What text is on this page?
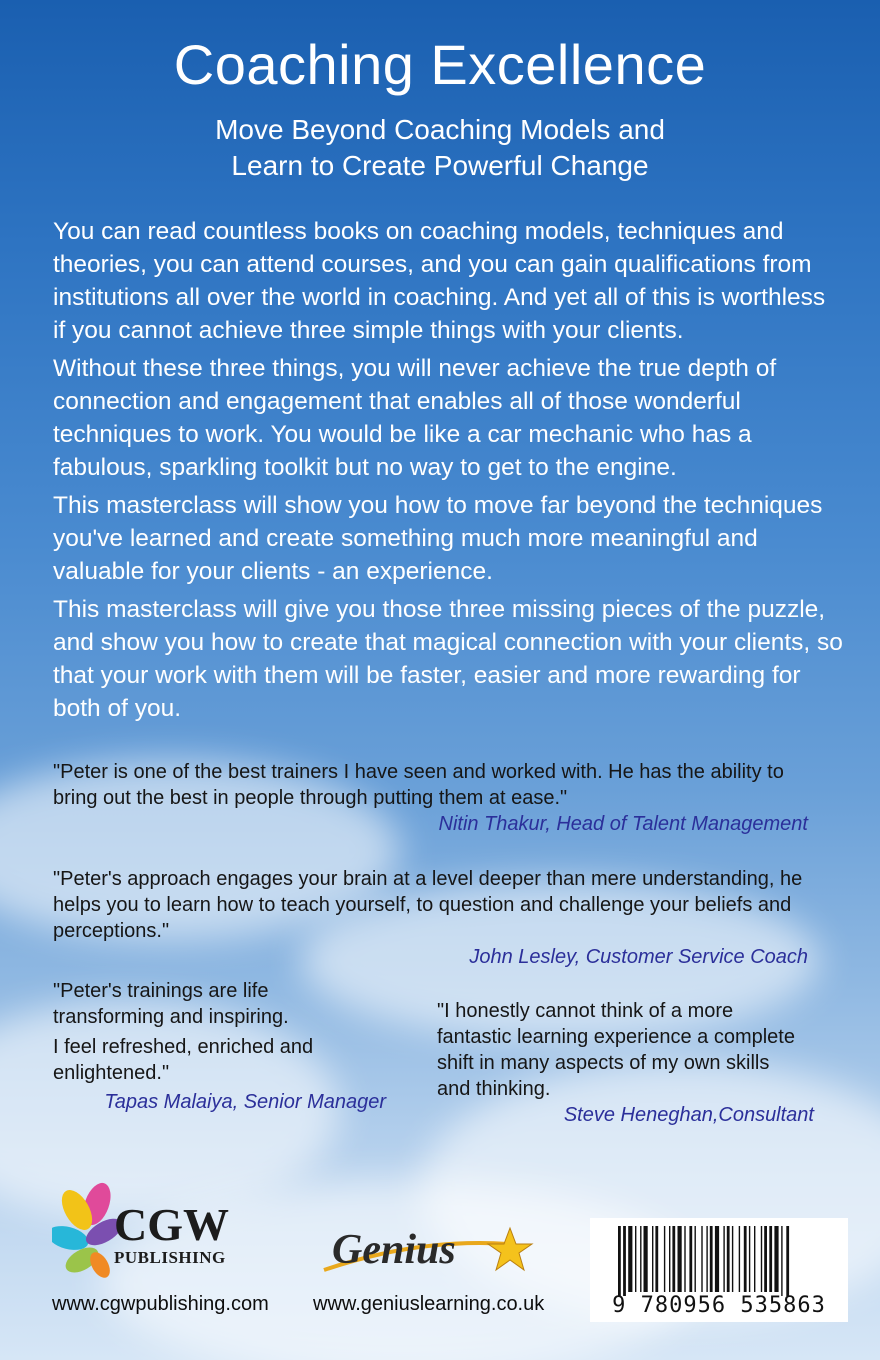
Coaching Excellence

Move Beyond Coaching Models and

Learn to Create Powerful Change

You can read countless books on coaching models, techniques and theories, you can attend courses, and you can gain qualifications from institutions all over the world in coaching. And yet all of this is worthless if you cannot achieve three simple things with your clients.

Without these three things, you will never achieve the true depth of connection and engagement that enables all of those wonderful techniques to work. You would be like a car mechanic who has a fabulous, sparkling toolkit but no way to get to the engine.

This masterclass will show you how to move far beyond the techniques you've learned and create something much more meaningful and valuable for your clients - an experience.

This masterclass will give you those three missing pieces of the puzzle, and show you how to create that magical connection with your clients, so that your work with them will be faster, easier and more rewarding for both of you.

"Peter is one of the best trainers I have seen and worked with. He has the ability to bring out the best in people through putting them at ease."

Nitin Thakur, Head of Talent Management

"Peter's approach engages your brain at a level deeper than mere understanding, he helps you to learn how to teach yourself, to question and challenge your beliefs and perceptions."

John Lesley, Customer Service Coach

"Peter's trainings are life transforming and inspiring.

I feel refreshed, enriched and enlightened."

Tapas Malaiya, Senior Manager

"I honestly cannot think of a more fantastic learning experience a complete shift in many aspects of my own skills and thinking.

Steve Heneghan,Consultant

CGW
PUBLISHING	Genius
www.cgwpublishing.com www.geniuslearning.co.uk	9 780956 535863
